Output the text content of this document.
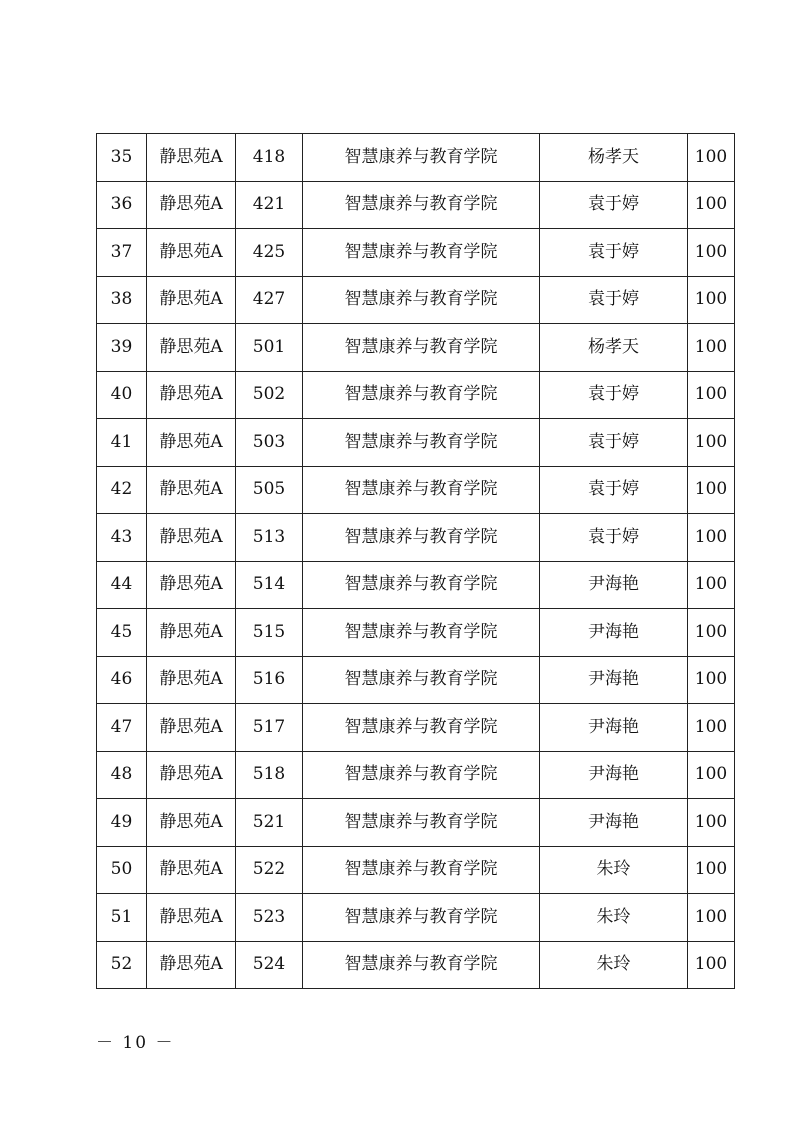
35	静思苑A	418	智慧康养与教育学院	杨孝天	100
36	静思苑A	421	智慧康养与教育学院	袁于婷	100
37	静思苑A	425	智慧康养与教育学院	袁于婷	100
38	静思苑A	427	智慧康养与教育学院	袁于婷	100
39	静思苑A	501	智慧康养与教育学院	杨孝天	100
40	静思苑A	502	智慧康养与教育学院	袁于婷	100
41	静思苑A	503	智慧康养与教育学院	袁于婷	100
42	静思苑A	505	智慧康养与教育学院	袁于婷	100
43	静思苑A	513	智慧康养与教育学院	袁于婷	100
44	静思苑A	514	智慧康养与教育学院	尹海艳	100
45	静思苑A	515	智慧康养与教育学院	尹海艳	100
46	静思苑A	516	智慧康养与教育学院	尹海艳	100
47	静思苑A	517	智慧康养与教育学院	尹海艳	100
48	静思苑A	518	智慧康养与教育学院	尹海艳	100
49	静思苑A	521	智慧康养与教育学院	尹海艳	100
50	静思苑A	522	智慧康养与教育学院	朱玲	100
51	静思苑A	523	智慧康养与教育学院	朱玲	100
52	静思苑A	524	智慧康养与教育学院	朱玲	100
－ 10 －
